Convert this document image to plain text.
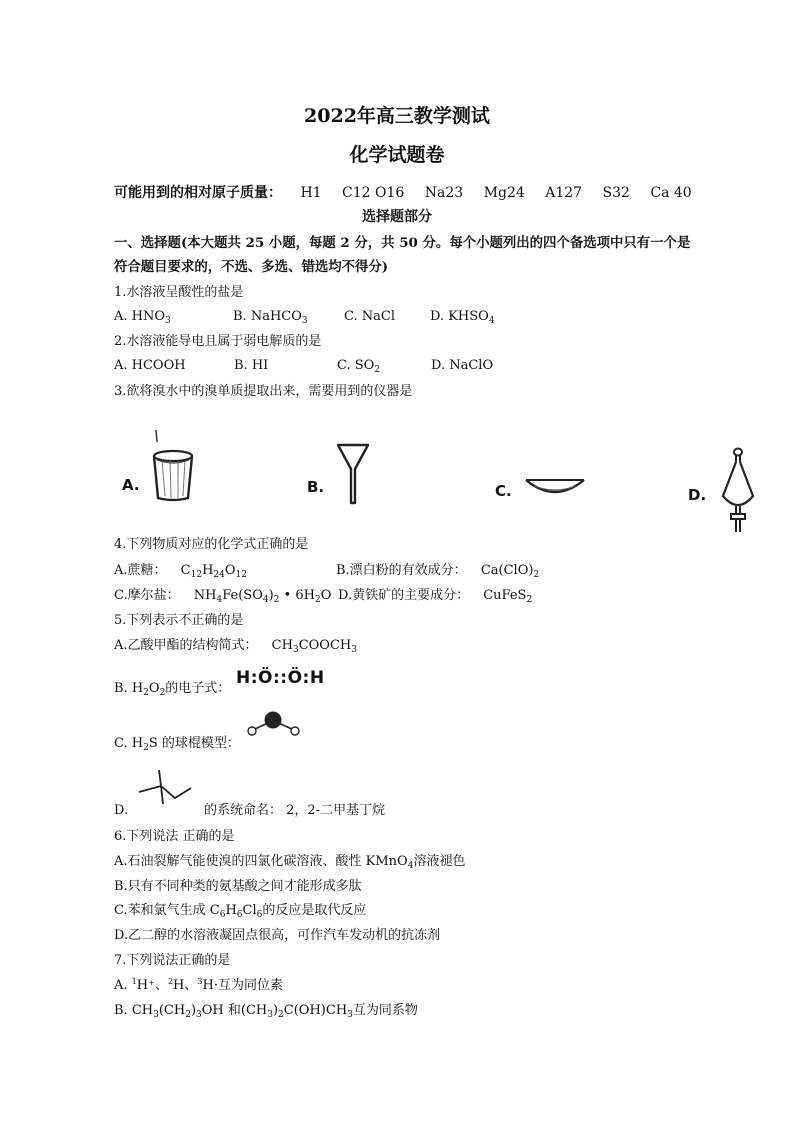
2022年高三教学测试
化学试题卷
可能用到的相对原子质量： H1 C12 O16 Na23 Mg24 A127 S32 Ca 40
选择题部分
一、选择题(本大题共 25 小题，每题 2 分，共 50 分。每个小题列出的四个备选项中只有一个是
符合题目要求的，不选、多选、错选均不得分)
1.水溶液呈酸性的盐是
A. $HNO_3$	B. NaHCO$_3$	C. NaCl	D. $KHSO_4$
2.水溶液能导电且属于弱电解质的是
A. HCOOH	B. HI	C. $SO_2$	D. NaClO
3.欲将溴水中的溴单质提取出来，需要用到的仪器是
A.	B.	C.	D.
4.下列物质对应的化学式正确的是
A.蔗糖： $C_{12}H_{24}O_{12}$	B.漂白粉的有效成分： $Ca(ClO)_2$
C.摩尔盐： $NH_4Fe(SO_4)_2$ • $6H_2O$ D.黄铁矿的主要成分： CuFeS$_2$
5.下列表示不正确的是
A.乙酸甲酯的结构简式： $CH_3COOCH_3$
B. $H_2O_2$的电子式：
H:Ö::Ö:H
C. $H_2S$ 的球棍模型：
D.	的系统命名： 2，2-二甲基丁烷
6.下列说法 正确的是
A.石油裂解气能使溴的四氯化碳溶液、酸性 KMnO$_4$溶液褪色
B.只有不同种类的氨基酸之间才能形成多肽
C.苯和氯气生成 $C_6H_6Cl_6$的反应是取代反应
D.乙二醇的水溶液凝固点很高，可作汽车发动机的抗冻剂
7.下列说法正确的是
A. $^1$H⁺、$^2$H、$^3$H·互为同位素
B. $CH_3(CH_2)_3OH$ 和$(CH_3)_2C(OH)CH_3$互为同系物
